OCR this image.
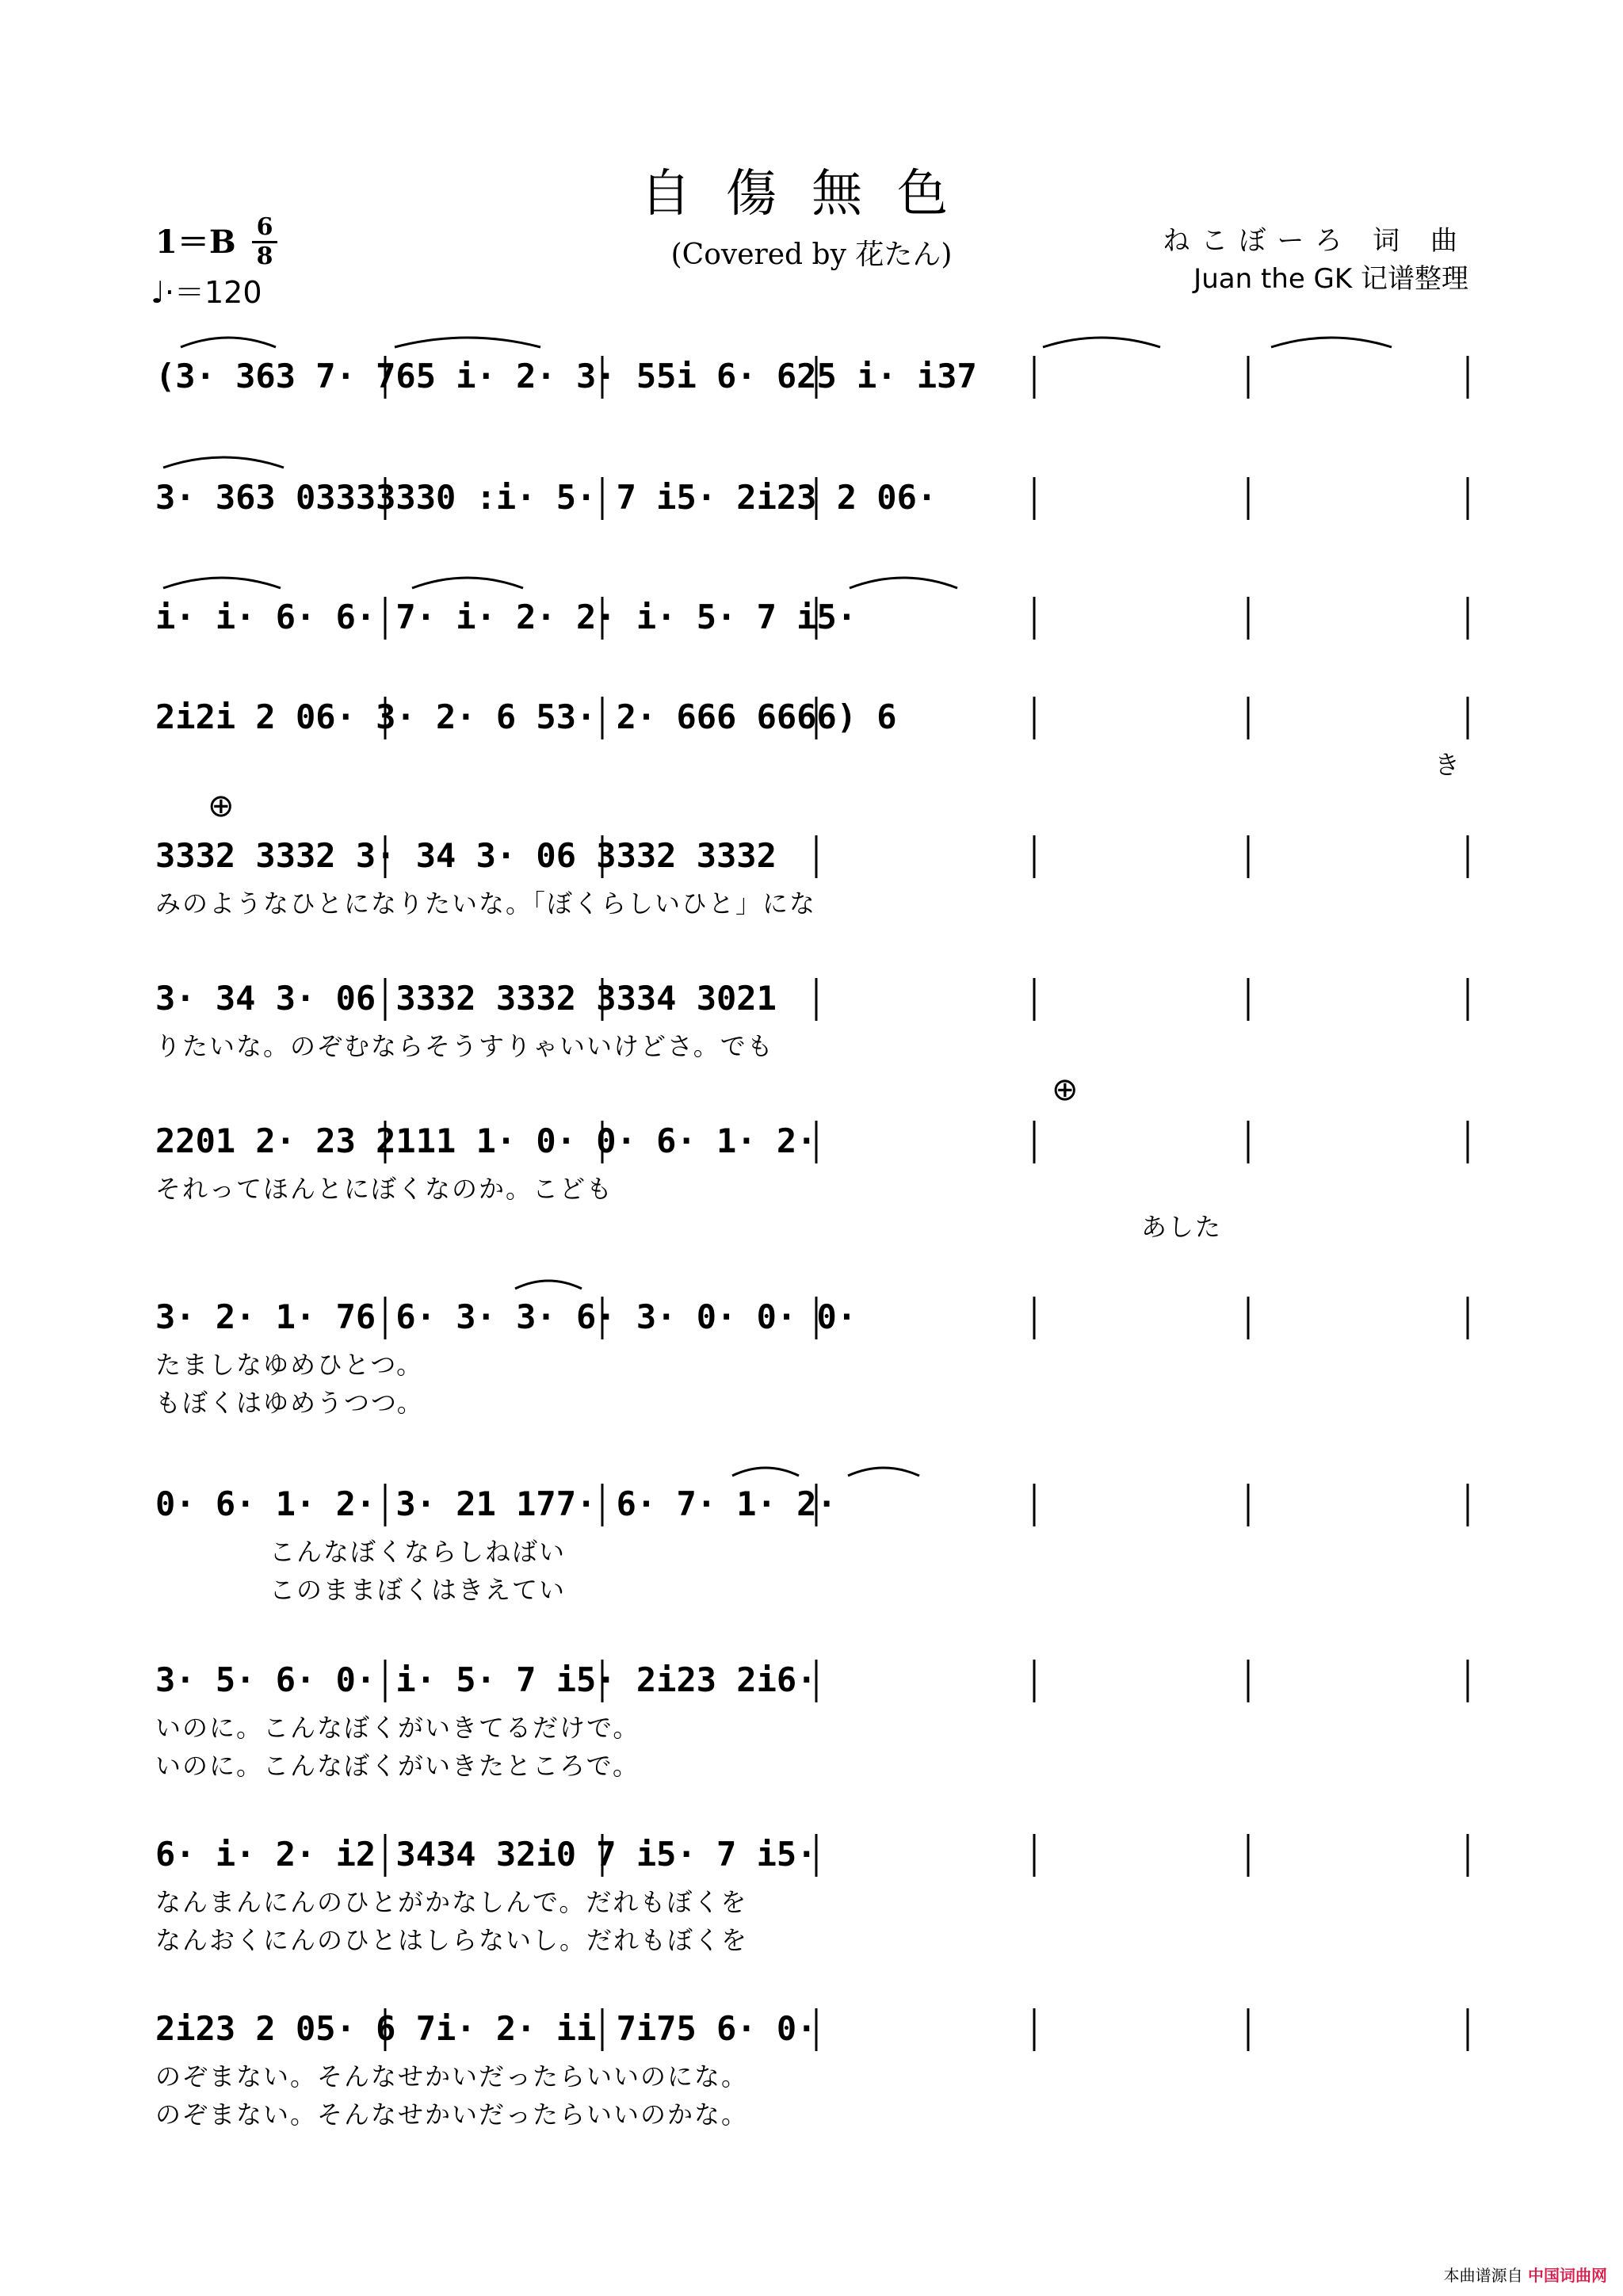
自傷無色
(Covered by 花たん)
1＝B 6
8
♩·＝120
ねこぼーろ 词 曲
Juan the GK 记谱整理
(3· 363 7· 765 i· 2· 3· 55i 6· 625 i· i37
3· 363 03333330 :i· 5· 7 i5· 2i23 2 06·
i· i· 6· 6· 7· i· 2· 2· i· 5· 7 i5·
2i2i 2 06· 3· 2· 6 53· 2· 666 6666) 6
き
⊕
3332 3332 3· 34 3· 06 3332 3332
みのようなひとになりたいな。「ぼくらしいひと」にな
3· 34 3· 06 3332 3332 3334 3021
りたいな。のぞむならそうすりゃいいけどさ。でも
⊕
2201 2· 23 2111 1· 0· 0· 6· 1· 2·
それってほんとにぼくなのか。こども
あした
3· 2· 1· 76 6· 3· 3· 6· 3· 0· 0· 0·
たましなゆめひとつ。
もぼくはゆめうつつ。
0· 6· 1· 2· 3· 21 177· 6· 7· 1· 2·
こんなぼくならしねばい
このままぼくはきえてい
3· 5· 6· 0· i· 5· 7 i5· 2i23 2i6·
いのに。こんなぼくがいきてるだけで。
いのに。こんなぼくがいきたところで。
6· i· 2· i2 3434 32i0 7 i5· 7 i5·
なんまんにんのひとがかなしんで。だれもぼくを
なんおくにんのひとはしらないし。だれもぼくを
2i23 2 05· 6 7i· 2· ii 7i75 6· 0·
のぞまない。そんなせかいだったらいいのにな。
のぞまない。そんなせかいだったらいいのかな。
本曲谱源自 中国词曲网
